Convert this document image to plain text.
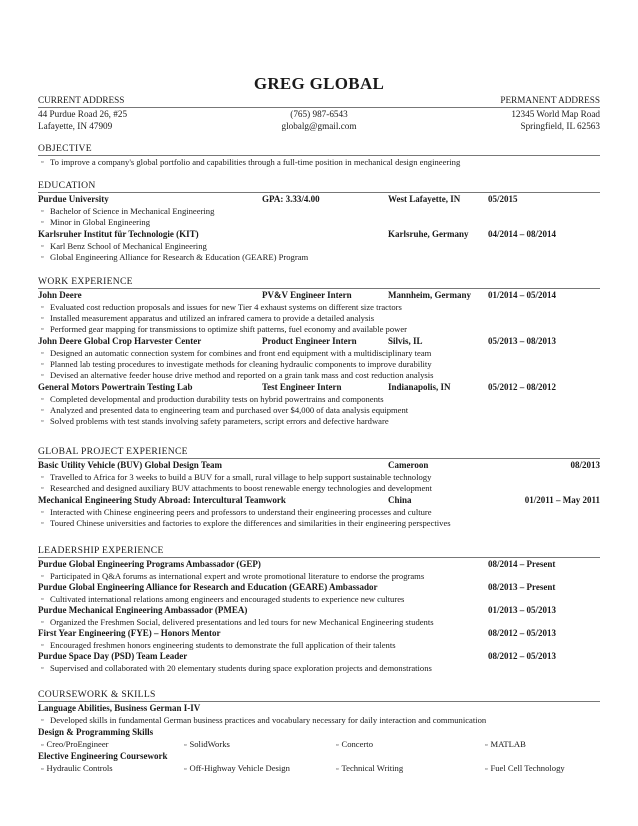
GREG GLOBAL
CURRENT ADDRESS	PERMANENT ADDRESS
44 Purdue Road 26, #25	(765) 987-6543	12345 World Map Road
Lafayette, IN 47909	globalg@gmail.com	Springfield, IL 62563
OBJECTIVE
▫ To improve a company's global portfolio and capabilities through a full-time position in mechanical design engineering
EDUCATION
Purdue University	GPA: 3.33/4.00	West Lafayette, IN	05/2015
▫ Bachelor of Science in Mechanical Engineering
▫ Minor in Global Engineering
Karlsruher Institut für Technologie (KIT)	Karlsruhe, Germany 04/2014 – 08/2014
▫ Karl Benz School of Mechanical Engineering
▫ Global Engineering Alliance for Research & Education (GEARE) Program
WORK EXPERIENCE
John Deere	PV&V Engineer Intern	Mannheim, Germany 01/2014 – 05/2014
▫ Evaluated cost reduction proposals and issues for new Tier 4 exhaust systems on different size tractors
▫ Installed measurement apparatus and utilized an infrared camera to provide a detailed analysis
▫ Performed gear mapping for transmissions to optimize shift patterns, fuel economy and available power
John Deere Global Crop Harvester Center	Product Engineer Intern	Silvis, IL	05/2013 – 08/2013
▫ Designed an automatic connection system for combines and front end equipment with a multidisciplinary team
▫ Planned lab testing procedures to investigate methods for cleaning hydraulic components to improve durability
▫ Devised an alternative feeder house drive method and reported on a grain tank mass and cost reduction analysis
General Motors Powertrain Testing Lab	Test Engineer Intern	Indianapolis, IN	05/2012 – 08/2012
▫ Completed developmental and production durability tests on hybrid powertrains and components
▫ Analyzed and presented data to engineering team and purchased over $4,000 of data analysis equipment
▫ Solved problems with test stands involving safety parameters, script errors and defective hardware
GLOBAL PROJECT EXPERIENCE
Basic Utility Vehicle (BUV) Global Design Team	Cameroon	08/2013
▫ Travelled to Africa for 3 weeks to build a BUV for a small, rural village to help support sustainable technology
▫ Researched and designed auxiliary BUV attachments to boost renewable energy technologies and development
Mechanical Engineering Study Abroad: Intercultural Teamwork	China	01/2011 – May 2011
▫ Interacted with Chinese engineering peers and professors to understand their engineering processes and culture
▫ Toured Chinese universities and factories to explore the differences and similarities in their engineering perspectives
LEADERSHIP EXPERIENCE
Purdue Global Engineering Programs Ambassador (GEP)	08/2014 – Present
▫ Participated in Q&A forums as international expert and wrote promotional literature to endorse the programs
Purdue Global Engineering Alliance for Research and Education (GEARE) Ambassador	08/2013 – Present
▫ Cultivated international relations among engineers and encouraged students to experience new cultures
Purdue Mechanical Engineering Ambassador (PMEA)	01/2013 – 05/2013
▫ Organized the Freshmen Social, delivered presentations and led tours for new Mechanical Engineering students
First Year Engineering (FYE) – Honors Mentor	08/2012 – 05/2013
▫ Encouraged freshmen honors engineering students to demonstrate the full application of their talents
Purdue Space Day (PSD) Team Leader	08/2012 – 05/2013
▫ Supervised and collaborated with 20 elementary students during space exploration projects and demonstrations
COURSEWORK & SKILLS
Language Abilities, Business German I-IV
▫ Developed skills in fundamental German business practices and vocabulary necessary for daily interaction and communication
Design & Programming Skills
▫ Creo/ProEngineer	▫ SolidWorks	▫ Concerto	▫ MATLAB
Elective Engineering Coursework
▫ Hydraulic Controls	▫ Off-Highway Vehicle Design	▫ Technical Writing	▫ Fuel Cell Technology
